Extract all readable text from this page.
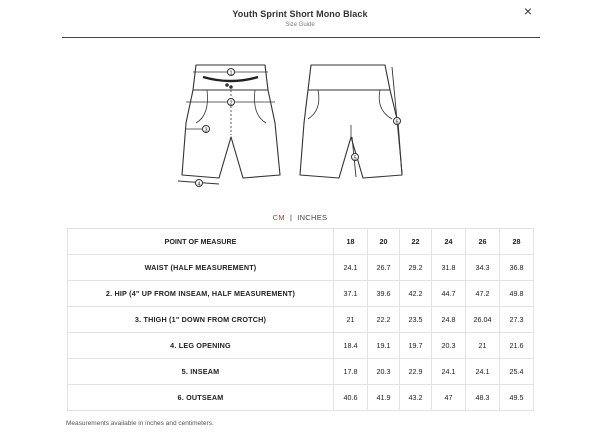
Youth Sprint Short Mono Black
Size Guide
×
1
2
3
4
5
6
CM | INCHES
POINT OF MEASURE	18	20	22	24	26	28
WAIST (HALF MEASUREMENT)	24.1	26.7	29.2	31.8	34.3	36.8
2. HIP (4" UP FROM INSEAM, HALF MEASUREMENT)	37.1	39.6	42.2	44.7	47.2	49.8
3. THIGH (1" DOWN FROM CROTCH)	21	22.2	23.5	24.8	26.04	27.3
4. LEG OPENING	18.4	19.1	19.7	20.3	21	21.6
5. INSEAM	17.8	20.3	22.9	24.1	24.1	25.4
6. OUTSEAM	40.6	41.9	43.2	47	48.3	49.5
Measurements available in inches and centimeters.
